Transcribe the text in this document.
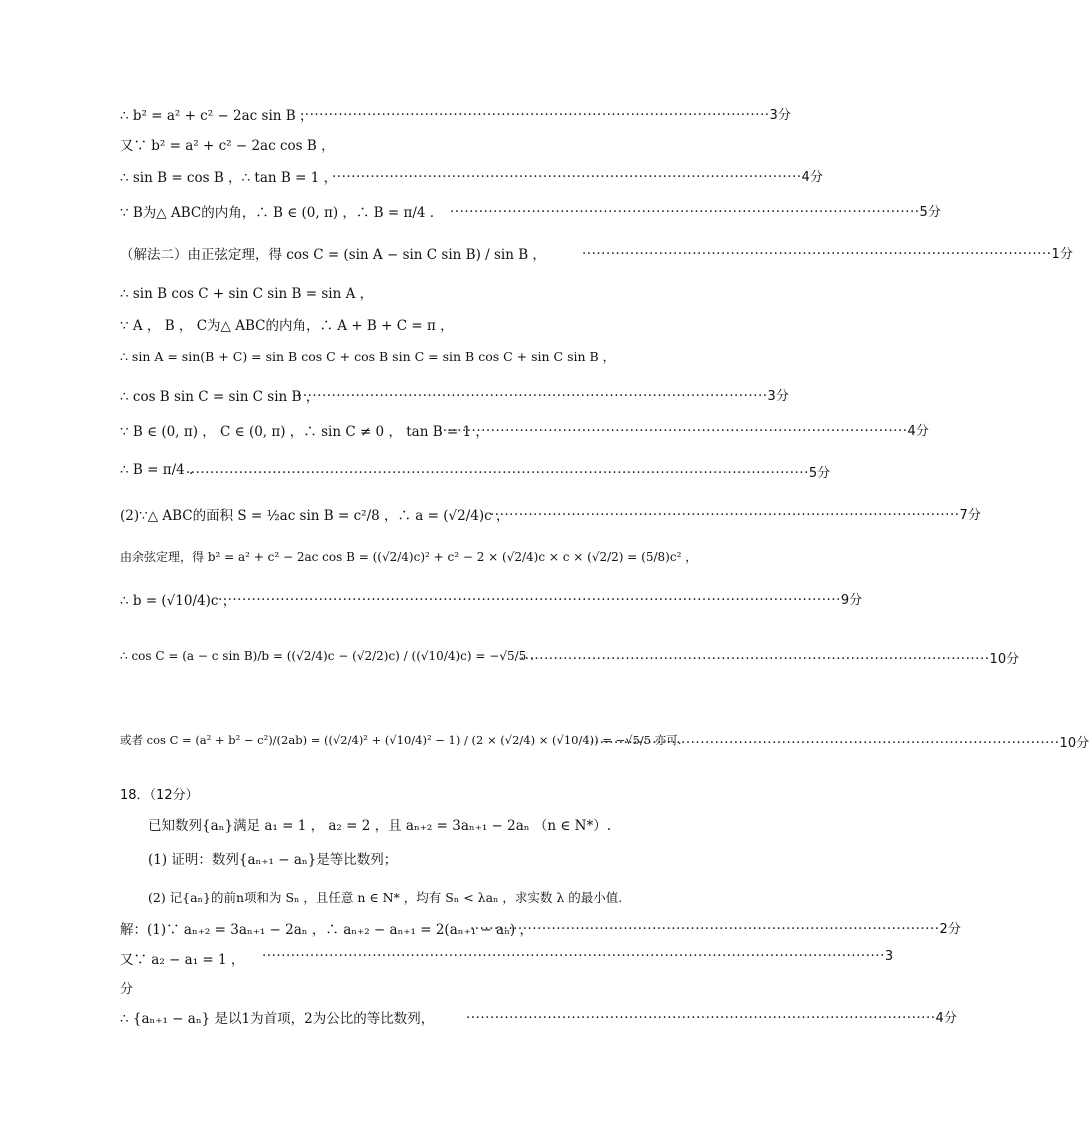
∴ b² = a² + c² − 2ac sin B ，
·································································································· 3分
又∵ b² = a² + c² − 2ac cos B ，
∴ sin B = cos B ，∴ tan B = 1 ，
·································································································· 4分
∵ B为△ ABC的内角，∴ B ∈ (0, π) ，∴ B = π/4 . ·································································································· 5分
（解法二）由正弦定理，得 cos C = (sin A − sin C sin B) / sin B ，	·································································································· 1分
∴ sin B cos C + sin C sin B = sin A ，
∵ A ， B ， C为△ ABC的内角，∴ A + B + C = π ，
∴ sin A = sin(B + C) = sin B cos C + cos B sin C = sin B cos C + sin C sin B ，
∴ cos B sin C = sin C sin B ，
·································································································· 3分
∵ B ∈ (0, π) ， C ∈ (0, π) ，∴ sin C ≠ 0 ， tan B = 1 ，
·································································································· 4分
∴ B = π/4 .
·································································································································· 5分
(2)∵△ ABC的面积 S = ½ac sin B = c²/8 ，∴ a = (√2/4)c ，
·································································································· 7分
由余弦定理，得 b² = a² + c² − 2ac cos B = ((√2/4)c)² + c² − 2 × (√2/4)c × c × (√2/2) = (5/8)c² ，
∴ b = (√10/4)c ，
·································································································································· 9分
∴ cos C = (a − c sin B)/b = ((√2/4)c − (√2/2)c) / ((√10/4)c) = −√5/5 .
·································································································· 10分
或者 cos C = (a² + b² − c²)/(2ab) = ((√2/4)² + (√10/4)² − 1) / (2 × (√2/4) × (√10/4)) = −√5/5 亦可.
·································································································· 10分
18．（12分）
已知数列{aₙ}满足 a₁ = 1 ， a₂ = 2 ，且 aₙ₊₂ = 3aₙ₊₁ − 2aₙ （n ∈ N*）.
(1) 证明：数列{aₙ₊₁ − aₙ}是等比数列；
(2) 记{aₙ}的前n项和为 Sₙ ，且任意 n ∈ N* ，均有 Sₙ < λaₙ ，求实数 λ 的最小值.
解：(1)∵ aₙ₊₂ = 3aₙ₊₁ − 2aₙ ，∴ aₙ₊₂ − aₙ₊₁ = 2(aₙ₊₁ − aₙ) ，
·································································································· 2分
又∵ a₂ − a₁ = 1 ， ·································································································································· 3
分
∴ {aₙ₊₁ − aₙ} 是以1为首项，2为公比的等比数列， ·································································································· 4分
